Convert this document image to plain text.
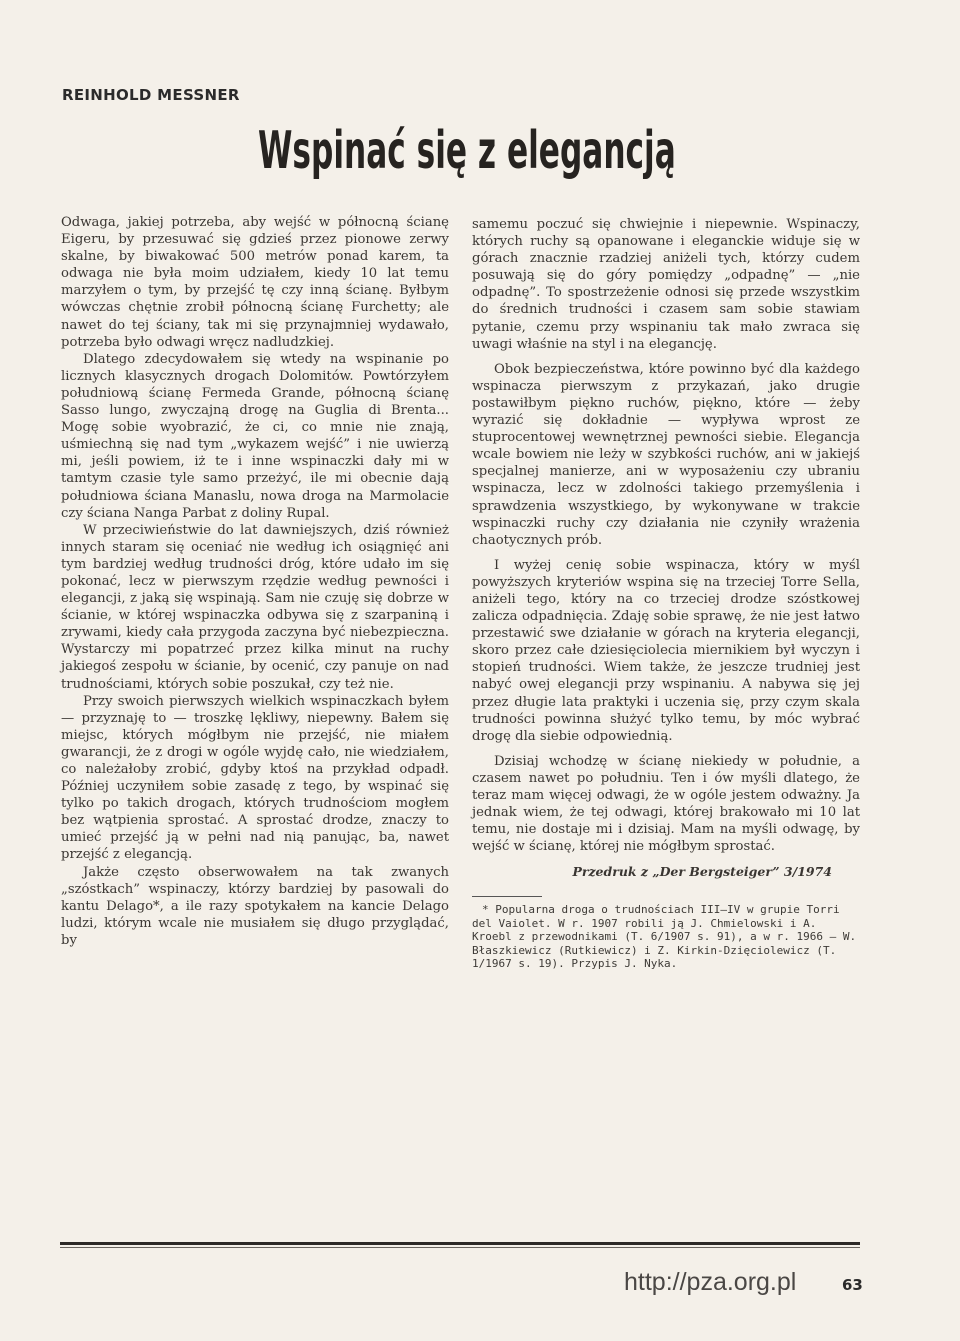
REINHOLD MESSNER
Wspinać się z elegancją

Odwaga, jakiej potrzeba, aby wejść w północną ścianę Eigeru, by przesuwać się gdzieś przez pionowe zerwy skalne, by biwakować 500 metrów ponad karem, ta odwaga nie była moim udziałem, kiedy 10 lat temu marzyłem o tym, by przejść tę czy inną ścianę. Byłbym wówczas chętnie zrobił północną ścianę Furchetty; ale nawet do tej ściany, tak mi się przynajmniej wydawało, potrzeba było odwagi wręcz nadludzkiej.

Dlatego zdecydowałem się wtedy na wspinanie po licznych klasycznych drogach Dolomitów. Powtórzyłem południową ścianę Fermeda Grande, północną ścianę Sasso lungo, zwyczajną drogę na Guglia di Brenta... Mogę sobie wyobrazić, że ci, co mnie nie znają, uśmiechną się nad tym „wykazem wejść” i nie uwierzą mi, jeśli powiem, iż te i inne wspinaczki dały mi w tamtym czasie tyle samo przeżyć, ile mi obecnie dają południowa ściana Manaslu, nowa droga na Marmolacie czy ściana Nanga Parbat z doliny Rupal.

W przeciwieństwie do lat dawniejszych, dziś również innych staram się oceniać nie według ich osiągnięć ani tym bardziej według trudności dróg, które udało im się pokonać, lecz w pierwszym rzędzie według pewności i elegancji, z jaką się wspinają. Sam nie czuję się dobrze w ścianie, w której wspinaczka odbywa się z szarpaniną i zrywami, kiedy cała przygoda zaczyna być niebezpieczna. Wystarczy mi popatrzeć przez kilka minut na ruchy jakiegoś zespołu w ścianie, by ocenić, czy panuje on nad trudnościami, których sobie poszukał, czy też nie.

Przy swoich pierwszych wielkich wspinaczkach byłem — przyznaję to — troszkę lękliwy, niepewny. Bałem się miejsc, których mógłbym nie przejść, nie miałem gwarancji, że z drogi w ogóle wyjdę cało, nie wiedziałem, co należałoby zrobić, gdyby ktoś na przykład odpadł. Później uczyniłem sobie zasadę z tego, by wspinać się tylko po takich drogach, których trudnościom mogłem bez wątpienia sprostać. A sprostać drodze, znaczy to umieć przejść ją w pełni nad nią panując, ba, nawet przejść z elegancją.

Jakże często obserwowałem na tak zwanych „szóstkach” wspinaczy, którzy bardziej by pasowali do kantu Delago*, a ile razy spotykałem na kancie Delago ludzi, którym wcale nie musiałem się długo przyglądać, by

samemu poczuć się chwiejnie i niepewnie. Wspinaczy, których ruchy są opanowane i eleganckie widuje się w górach znacznie rzadziej aniżeli tych, którzy cudem posuwają się do góry pomiędzy „odpadnę” — „nie odpadnę”. To spostrzeżenie odnosi się przede wszystkim do średnich trudności i czasem sam sobie stawiam pytanie, czemu przy wspinaniu tak mało zwraca się uwagi właśnie na styl i na elegancję.

Obok bezpieczeństwa, które powinno być dla każdego wspinacza pierwszym z przykazań, jako drugie postawiłbym piękno ruchów, piękno, które — żeby wyrazić się dokładnie — wypływa wprost ze stuprocentowej wewnętrznej pewności siebie. Elegancja wcale bowiem nie leży w szybkości ruchów, ani w jakiejś specjalnej manierze, ani w wyposażeniu czy ubraniu wspinacza, lecz w zdolności takiego przemyślenia i sprawdzenia wszystkiego, by wykonywane w trakcie wspinaczki ruchy czy działania nie czyniły wrażenia chaotycznych prób.

I wyżej cenię sobie wspinacza, który w myśl powyższych kryteriów wspina się na trzeciej Torre Sella, aniżeli tego, który na co trzeciej drodze szóstkowej zalicza odpadnięcia. Zdaję sobie sprawę, że nie jest łatwo przestawić swe działanie w górach na kryteria elegancji, skoro przez całe dziesięciolecia miernikiem był wyczyn i stopień trudności. Wiem także, że jeszcze trudniej jest nabyć owej elegancji przy wspinaniu. A nabywa się jej przez długie lata praktyki i uczenia się, przy czym skala trudności powinna służyć tylko temu, by móc wybrać drogę dla siebie odpowiednią.

Dzisiaj wchodzę w ścianę niekiedy w południe, a czasem nawet po południu. Ten i ów myśli dlatego, że teraz mam więcej odwagi, że w ogóle jestem odważny. Ja jednak wiem, że tej odwagi, której brakowało mi 10 lat temu, nie dostaje mi i dzisiaj. Mam na myśli odwagę, by wejść w ścianę, której nie mógłbym sprostać.

Przedruk z „Der Bergsteiger” 3/1974
* Popularna droga o trudnościach III—IV w grupie Torri del Vaiolet. W r. 1907 robili ją J. Chmielowski i A. Kroebl z przewodnikami (T. 6/1907 s. 91), a w r. 1966 — W. Błaszkiewicz (Rutkiewicz) i Z. Kirkin-Dzięciolewicz (T. 1/1967 s. 19). Przypis J. Nyka.
http://pza.org.pl	63
